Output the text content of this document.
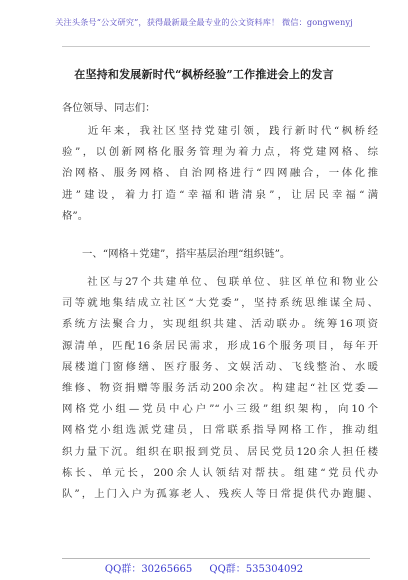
关注头条号“公文研究”，获得最新最全最专业的公文资料库！ 微信：gongwenyj
在坚持和发展新时代“枫桥经验”工作推进会上的发言
各位领导、同志们：
　　近年来，我社区坚持党建引领，践行新时代“枫桥经
验”，以创新网格化服务管理为着力点，将党建网格、综
治网格、服务网格、自治网格进行“四网融合，一体化推
进”建设，着力打造“幸福和谐清泉”，让居民幸福“满
格”。
一、“网格＋党建”，搭牢基层治理“组织链”。
　　社区与27个共建单位、包联单位、驻区单位和物业公
司等就地集结成立社区“大党委”，坚持系统思维谋全局、
系统方法聚合力，实现组织共建、活动联办。统筹16项资
源清单，匹配16条居民需求，形成16个服务项目，每年开
展楼道门窗修缮、医疗服务、文娱活动、飞线整治、水暖
维修、物资捐赠等服务活动200余次。构建起“社区党委—
网格党小组—党员中心户”“小三级”组织架构，向10个
网格党小组选派党建员，日常联系指导网格工作，推动组
织力量下沉。组织在职报到党员、居民党员120余人担任楼
栋长、单元长，200余人认领结对帮扶。组建“党员代办
队”，上门入户为孤寡老人、残疾人等日常提供代办跑腿、
QQ群：30265665 QQ群：535304092
